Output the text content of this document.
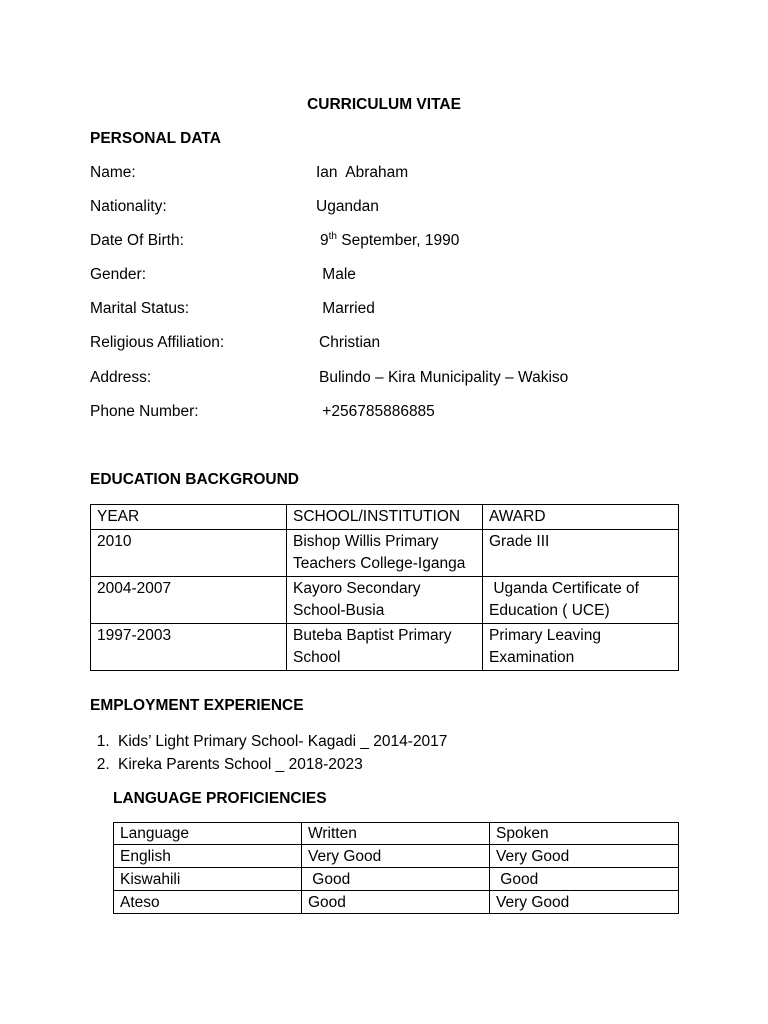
CURRICULUM VITAE
PERSONAL DATA
Name:	Ian  Abraham
Nationality:	Ugandan
Date Of Birth:	9th September, 1990
Gender:	Male
Marital Status:	Married
Religious Affiliation:	Christian
Address:	Bulindo – Kira Municipality – Wakiso
Phone Number:	+256785886885
EDUCATION BACKGROUND
YEAR	SCHOOL/INSTITUTION	AWARD
2010	Bishop Willis Primary Teachers College-Iganga	Grade III
2004-2007	Kayoro Secondary School-Busia	Uganda Certificate of Education ( UCE)
1997-2003	Buteba Baptist Primary School	Primary Leaving Examination
EMPLOYMENT EXPERIENCE
1. Kids’ Light Primary School- Kagadi _ 2014-2017
2. Kireka Parents School _ 2018-2023
LANGUAGE PROFICIENCIES
Language	Written	Spoken
English	Very Good	Very Good
Kiswahili	Good	Good
Ateso	Good	Very Good
